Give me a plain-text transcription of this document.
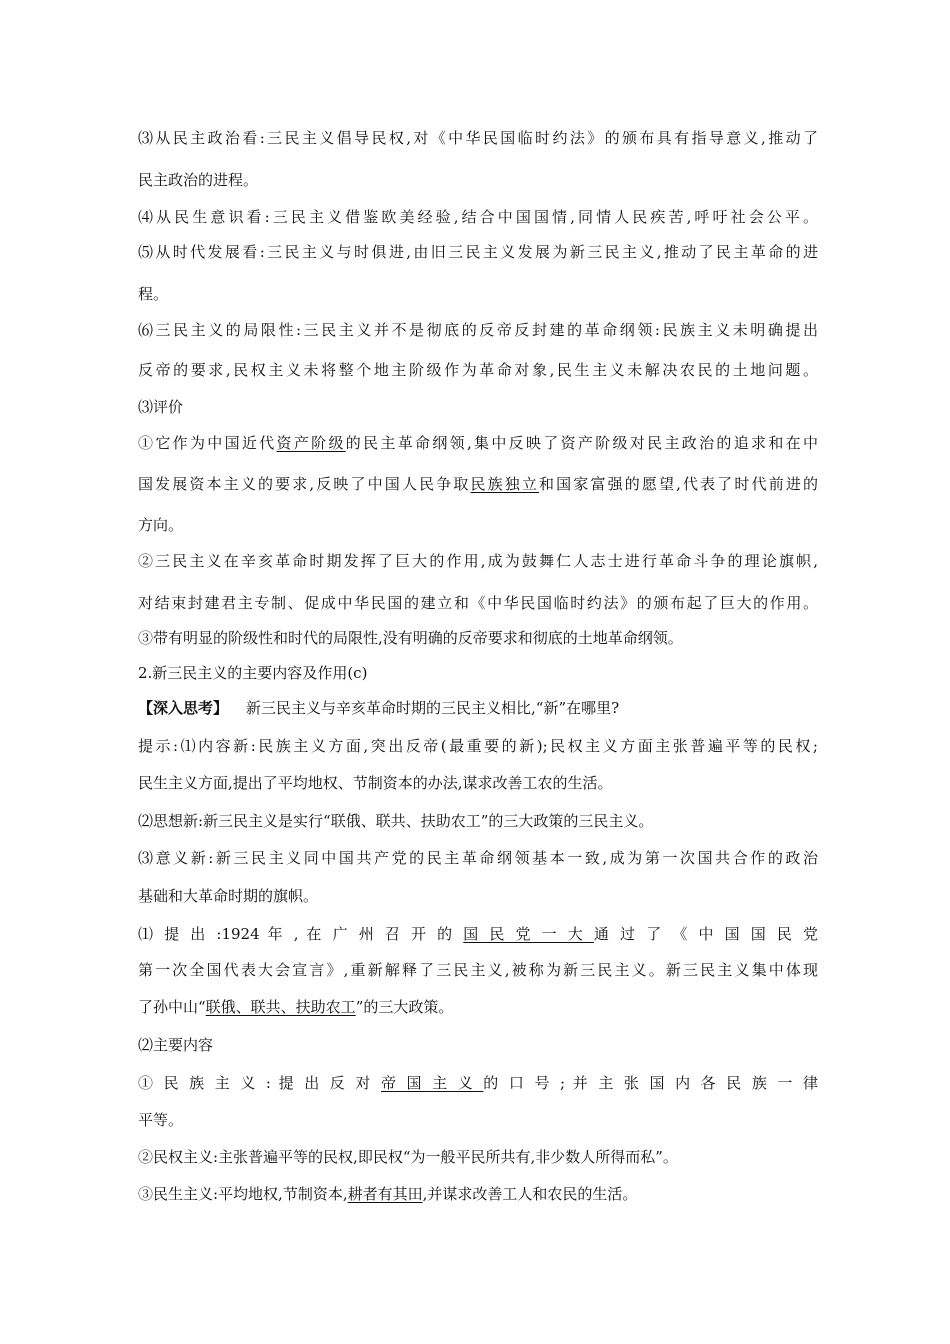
⑶从民主政治看:三民主义倡导民权,对《中华民国临时约法》的颁布具有指导意义,推动了
民主政治的进程。
⑷从民生意识看:三民主义借鉴欧美经验,结合中国国情,同情人民疾苦,呼吁社会公平。
⑸从时代发展看:三民主义与时俱进,由旧三民主义发展为新三民主义,推动了民主革命的进
程。
⑹三民主义的局限性:三民主义并不是彻底的反帝反封建的革命纲领:民族主义未明确提出
反帝的要求,民权主义未将整个地主阶级作为革命对象,民生主义未解决农民的土地问题。
⑶评价
①它作为中国近代资产阶级的民主革命纲领,集中反映了资产阶级对民主政治的追求和在中
国发展资本主义的要求,反映了中国人民争取民族独立和国家富强的愿望,代表了时代前进的
方向。
②三民主义在辛亥革命时期发挥了巨大的作用,成为鼓舞仁人志士进行革命斗争的理论旗帜,
对结束封建君主专制、促成中华民国的建立和《中华民国临时约法》的颁布起了巨大的作用。
③带有明显的阶级性和时代的局限性,没有明确的反帝要求和彻底的土地革命纲领。
2.新三民主义的主要内容及作用(c)
【深入思考】 新三民主义与辛亥革命时期的三民主义相比,“新”在哪里?
提示:⑴内容新:民族主义方面,突出反帝(最重要的新);民权主义方面主张普遍平等的民权;
民生主义方面,提出了平均地权、节制资本的办法,谋求改善工农的生活。
⑵思想新:新三民主义是实行“联俄、联共、扶助农工”的三大政策的三民主义。
⑶意义新:新三民主义同中国共产党的民主革命纲领基本一致,成为第一次国共合作的政治
基础和大革命时期的旗帜。
⑴ 提 出 :1924 年 , 在 广 州 召 开 的 国 民 党 一 大 通 过 了 《 中 国 国 民 党
第一次全国代表大会宣言》,重新解释了三民主义,被称为新三民主义。新三民主义集中体现
了孙中山“联俄、联共、扶助农工”的三大政策。
⑵主要内容
① 民 族 主 义 : 提 出 反 对 帝 国 主 义 的 口 号 ; 并 主 张 国 内 各 民 族 一 律
平等。
②民权主义:主张普遍平等的民权,即民权“为一般平民所共有,非少数人所得而私”。
③民生主义:平均地权,节制资本,耕者有其田,并谋求改善工人和农民的生活。
